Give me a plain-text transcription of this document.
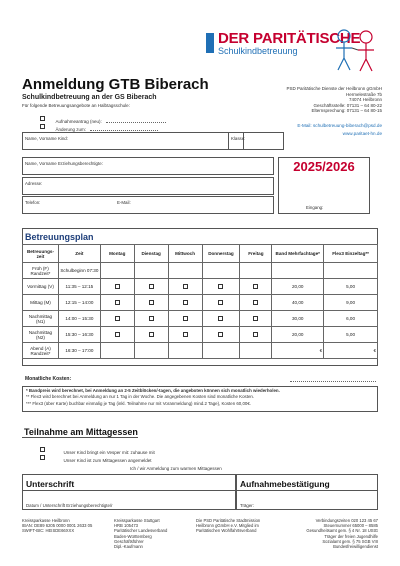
DER PARITÄTISCHE
Schulkindbetreuung
Anmeldung GTB Biberach
Schulkindbetreuung an der GS Biberach
Für folgende Betreuungsangebote an Halbtagsschule:
Aufnahmeantrag (neu):
Änderung zum:
PSD Paritätische Dienste der Heilbronn gGmbH
Hermelestraße 7b
74074 Heilbronn
Geschäftsstelle: 07131 – 64 80-22
Elternsprechung: 07131 – 64 80-15
E-Mail: schulbetreuung-biberach@psd.de
www.paritaet-hn.de
Name, Vorname Kind:	Klasse:
Name, Vorname Erziehungsberechtigte:
Adresse:
Telefon:	E-Mail:
2025/2026
Eingang:
Betreuungsplan
Betreuungs-zeit	Zeit	Montag	Dienstag	Mittwoch	Donnerstag	Freitag	Band Mehrfachtage*	Flex3 Einzeltag**
Früh (F) Randzeit*	Schulbeginn 07:30							
Vormittag (V)	11:35 – 12:15						20,00	5,00
Mittag (M)	12:15 – 14:00						40,00	9,00
Nachmittag (N1)	14:00 – 15:30						30,00	6,00
Nachmittag (N2)	15:30 – 16:30						20,00	5,00
Abend (A) Randzeit*	16:30 – 17:00						€	€
Monatliche Kosten:
* Bandpreis wird berechnet, bei Anmeldung an 2-5 Zeitblöcken/-tagen, die angeboten können sich monatlich wiederholen.
** Flex3 wird berechnet bei Anmeldung an nur 1 Tag in der Woche. Die angegebenen Kosten sind monatliche Kosten.
*** Flex3 (über Karte) buchbar einmalig je Tag (inkl. Teilnahme nur mit Voranmeldung) mind.2 Tage), Kosten 60,00€.
Teilnahme am Mittagessen
Unser Kind bringt ein Vesper mit: zuhause mit
Unser Kind ist zum Mittagessen angemeldet
Ich / wir Anmeldung zum warmen Mittagessen
Unterschrift
Datum / Unterschrift Erziehungsberechtigte/r
Aufnahmebestätigung
Träger:
Kreissparkasse Heilbronn
IBAN: DE89 6205 0000 0001 2633 05
SWIFT-BIC: HEISDE66XXX
Kreissparkasse Stuttgart
HRB 105473
Paritätischer Landesverband
Baden-Württemberg
Geschäftsführer
Dipl.-Kaufmann
Die PSD Paritätische Stadtmission
Heilbronn gGmbH e.V. Mitglied im
Paritätischen Wohlfahrtsverband
Verbindungszeiten 020 123 45 67
Steuernummer 65000 – 8585
Gesundheitsamt gem. § 4 Nr. 18 UStG
Träger der freien Jugendhilfe
Sozialamt gem. § 75 SGB VIII
Bundesfreiwilligendienst
